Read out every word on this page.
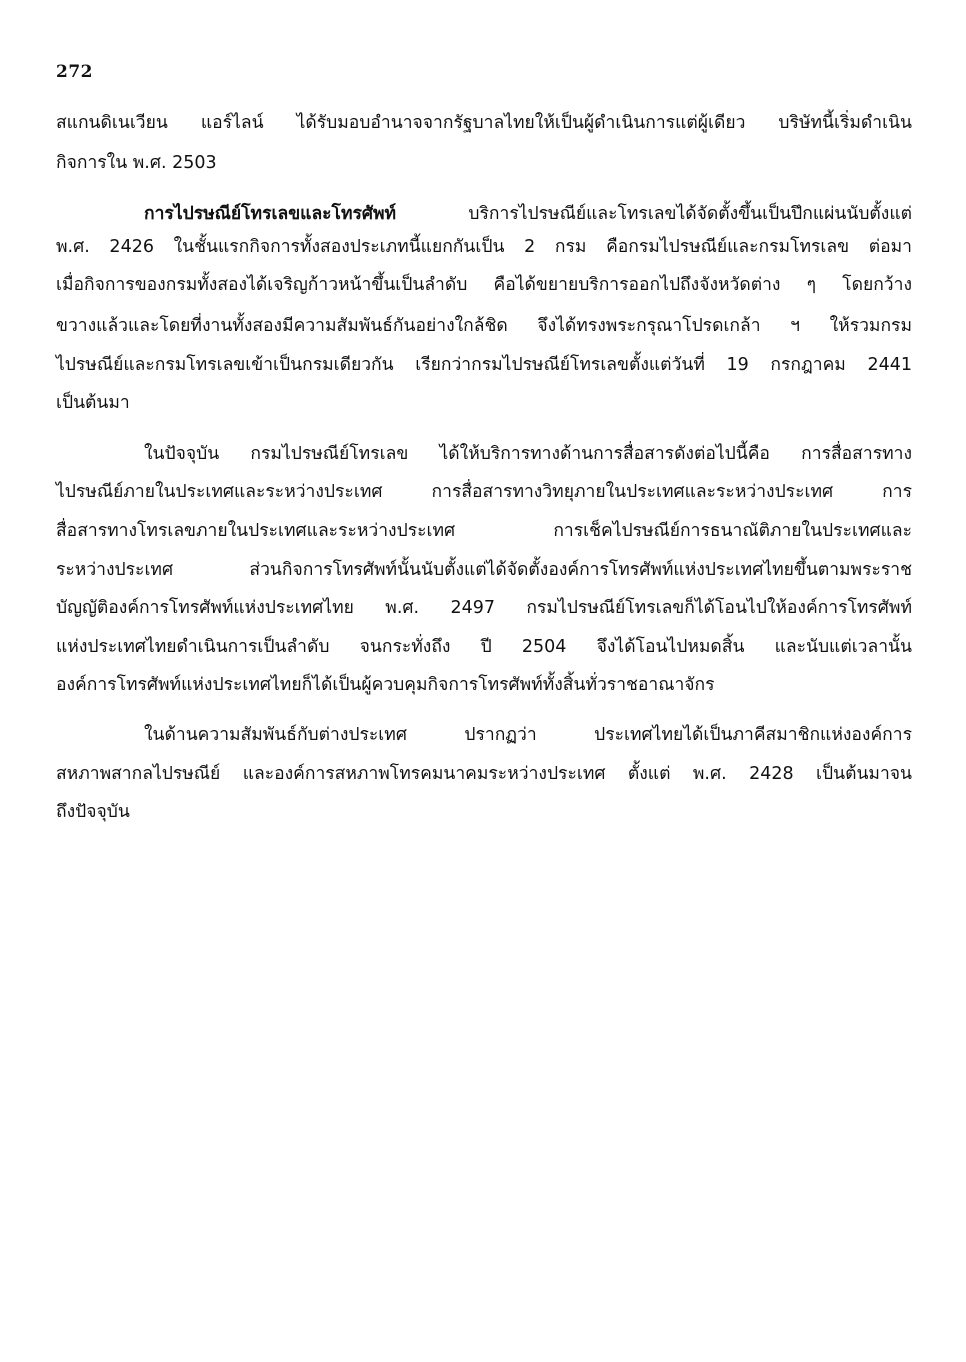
272
สแกนดิเนเวียน แอร์ไลน์ ได้รับมอบอำนาจจากรัฐบาลไทยให้เป็นผู้ดำเนินการแต่ผู้เดียว บริษัทนี้เริ่มดำเนิน
กิจการใน พ.ศ. 2503
การไปรษณีย์โทรเลขและโทรศัพท์ บริการไปรษณีย์และโทรเลขได้จัดตั้งขึ้นเป็นปึกแผ่นนับตั้งแต่
พ.ศ. 2426 ในชั้นแรกกิจการทั้งสองประเภทนี้แยกกันเป็น 2 กรม คือกรมไปรษณีย์และกรมโทรเลข ต่อมา
เมื่อกิจการของกรมทั้งสองได้เจริญก้าวหน้าขึ้นเป็นลำดับ คือได้ขยายบริการออกไปถึงจังหวัดต่าง ๆ โดยกว้าง
ขวางแล้วและโดยที่งานทั้งสองมีความสัมพันธ์กันอย่างใกล้ชิด จึงได้ทรงพระกรุณาโปรดเกล้า ฯ ให้รวมกรม
ไปรษณีย์และกรมโทรเลขเข้าเป็นกรมเดียวกัน เรียกว่ากรมไปรษณีย์โทรเลขตั้งแต่วันที่ 19 กรกฎาคม 2441
เป็นต้นมา
ในปัจจุบัน กรมไปรษณีย์โทรเลข ได้ให้บริการทางด้านการสื่อสารดังต่อไปนี้คือ การสื่อสารทาง
ไปรษณีย์ภายในประเทศและระหว่างประเทศ การสื่อสารทางวิทยุภายในประเทศและระหว่างประเทศ การ
สื่อสารทางโทรเลขภายในประเทศและระหว่างประเทศ การเช็คไปรษณีย์การธนาณัติภายในประเทศและ
ระหว่างประเทศ ส่วนกิจการโทรศัพท์นั้นนับตั้งแต่ได้จัดตั้งองค์การโทรศัพท์แห่งประเทศไทยขึ้นตามพระราช
บัญญัติองค์การโทรศัพท์แห่งประเทศไทย พ.ศ. 2497 กรมไปรษณีย์โทรเลขก็ได้โอนไปให้องค์การโทรศัพท์
แห่งประเทศไทยดำเนินการเป็นลำดับ จนกระทั่งถึง ปี 2504 จึงได้โอนไปหมดสิ้น และนับแต่เวลานั้น
องค์การโทรศัพท์แห่งประเทศไทยก็ได้เป็นผู้ควบคุมกิจการโทรศัพท์ทั้งสิ้นทั่วราชอาณาจักร
ในด้านความสัมพันธ์กับต่างประเทศ ปรากฏว่า ประเทศไทยได้เป็นภาคีสมาชิกแห่งองค์การ
สหภาพสากลไปรษณีย์ และองค์การสหภาพโทรคมนาคมระหว่างประเทศ ตั้งแต่ พ.ศ. 2428 เป็นต้นมาจน
ถึงปัจจุบัน
